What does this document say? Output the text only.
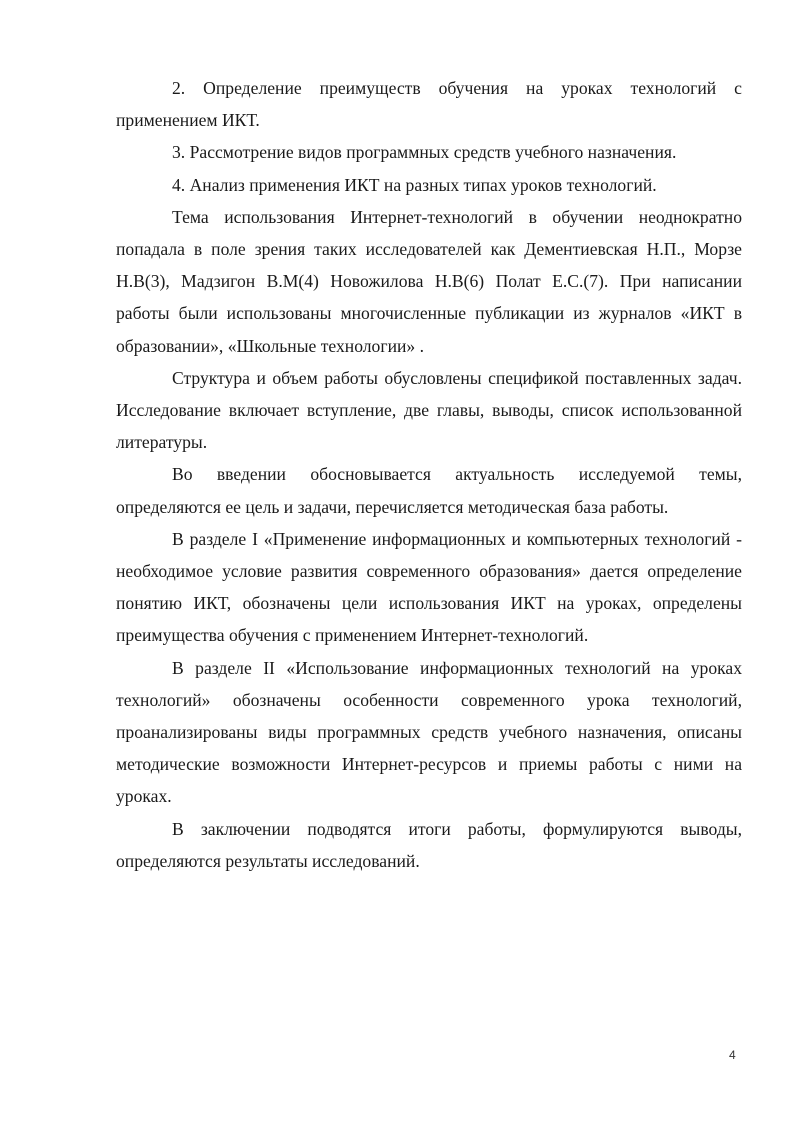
2. Определение преимуществ обучения на уроках технологий с применением ИКТ.

3. Рассмотрение видов программных средств учебного назначения.

4. Анализ применения ИКТ на разных типах уроков технологий.

Тема использования Интернет-технологий в обучении неоднократно попадала в поле зрения таких исследователей как Дементиевская Н.П., Морзе Н.В(3), Мадзигон В.М(4) Новожилова Н.В(6) Полат Е.С.(7). При написании работы были использованы многочисленные публикации из журналов «ИКТ в образовании», «Школьные технологии» .

Структура и объем работы обусловлены спецификой поставленных задач. Исследование включает вступление, две главы, выводы, список использованной литературы.

Во введении обосновывается актуальность исследуемой темы, определяются ее цель и задачи, перечисляется методическая база работы.

В разделе I «Применение информационных и компьютерных технологий - необходимое условие развития современного образования» дается определение понятию ИКТ, обозначены цели использования ИКТ на уроках, определены преимущества обучения с применением Интернет-технологий.

В разделе II «Использование информационных технологий на уроках технологий» обозначены особенности современного урока технологий, проанализированы виды программных средств учебного назначения, описаны методические возможности Интернет-ресурсов и приемы работы с ними на уроках.

В заключении подводятся итоги работы, формулируются выводы, определяются результаты исследований.

4
